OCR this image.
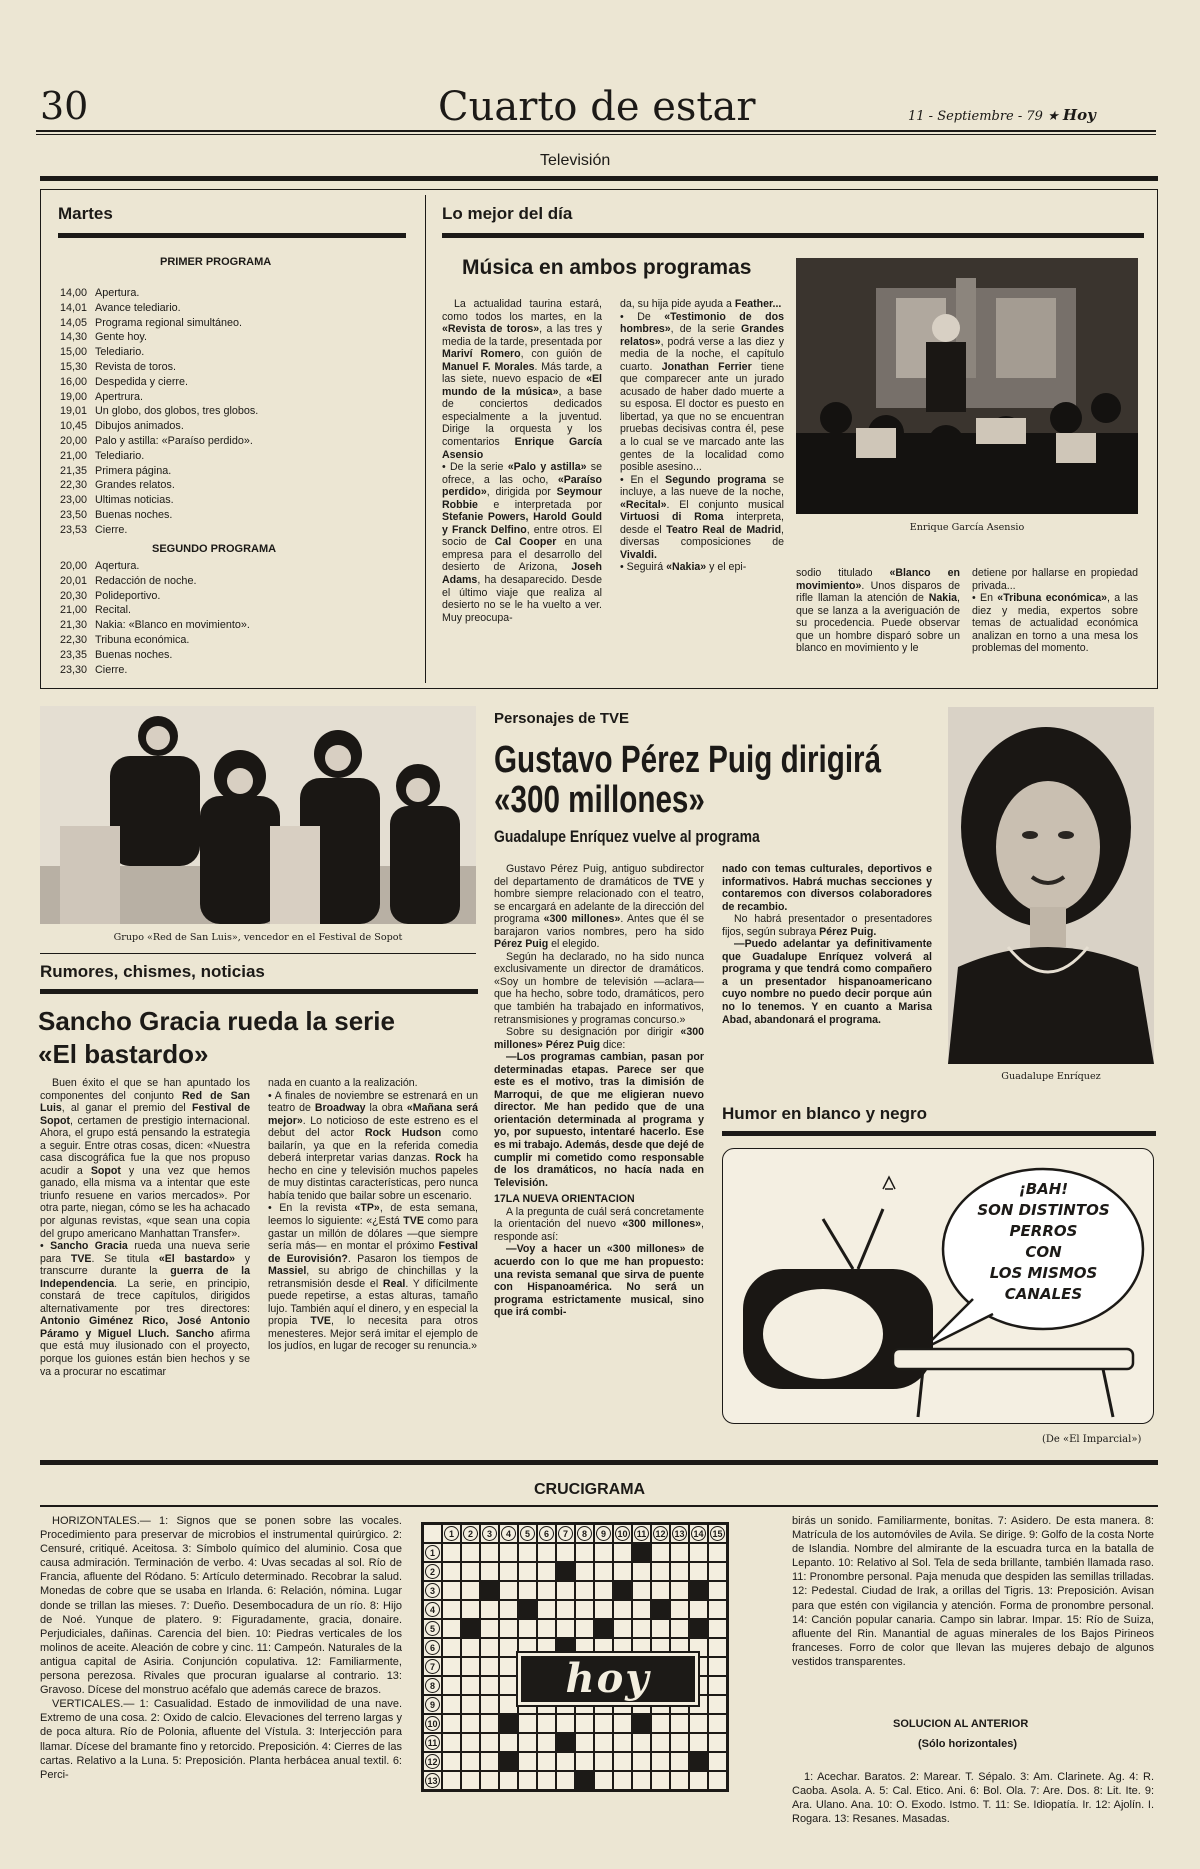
30	Cuarto de estar	11 - Septiembre - 79 ★ Hoy
Televisión
Martes
PRIMER PROGRAMA
14,00 Apertura.
14,01 Avance telediario.
14,05 Programa regional simultáneo.
14,30 Gente hoy.
15,00 Telediario.
15,30 Revista de toros.
16,00 Despedida y cierre.
19,00 Apertrura.
19,01 Un globo, dos globos, tres globos.
10,45 Dibujos animados.
20,00 Palo y astilla: «Paraíso perdido».
21,00 Telediario.
21,35 Primera página.
22,30 Grandes relatos.
23,00 Ultimas noticias.
23,50 Buenas noches.
23,53 Cierre.
SEGUNDO PROGRAMA
20,00 Aqertura.
20,01 Redacción de noche.
20,30 Polideportivo.
21,00 Recital.
21,30 Nakia: «Blanco en movimiento».
22,30 Tribuna económica.
23,35 Buenas noches.
23,30 Cierre.
Lo mejor del día
Música en ambos programas

La actualidad taurina estará, como todos los martes, en la «Revista de toros», a las tres y media de la tarde, presentada por Mariví Romero, con guión de Manuel F. Morales. Más tarde, a las siete, nuevo espacio de «El mundo de la música», a base de conciertos dedicados especialmente a la juventud. Dirige la orquesta y los comentarios Enrique García Asensio

• De la serie «Palo y astilla» se ofrece, a las ocho, «Paraíso perdido», dirigida por Seymour Robbie e interpretada por Stefanie Powers, Harold Gould y Franck Delfino, entre otros. El socio de Cal Cooper en una empresa para el desarrollo del desierto de Arizona, Joseh Adams, ha desaparecido. Desde el último viaje que realiza al desierto no se le ha vuelto a ver. Muy preocupa-

da, su hija pide ayuda a Feather...

• De «Testimonio de dos hombres», de la serie Grandes relatos», podrá verse a las diez y media de la noche, el capítulo cuarto. Jonathan Ferrier tiene que comparecer ante un jurado acusado de haber dado muerte a su esposa. El doctor es puesto en libertad, ya que no se encuentran pruebas decisivas contra él, pese a lo cual se ve marcado ante las gentes de la localidad como posible asesino...

• En el Segundo programa se incluye, a las nueve de la noche, «Recital». El conjunto musical Virtuosi di Roma interpreta, desde el Teatro Real de Madrid, diversas composiciones de Vivaldi.

• Seguirá «Nakia» y el epi-

Enrique García Asensio

sodio titulado «Blanco en movimiento». Unos disparos de rifle llaman la atención de Nakia, que se lanza a la averiguación de su procedencia. Puede observar que un hombre disparó sobre un blanco en movimiento y le

detiene por hallarse en propiedad privada...

• En «Tribuna económica», a las diez y media, expertos sobre temas de actualidad económica analizan en torno a una mesa los problemas del momento.

Grupo «Red de San Luis», vencedor en el Festival de Sopot
Rumores, chismes, noticias
Sancho Gracia rueda la serie
«El bastardo»

Buen éxito el que se han apuntado los componentes del conjunto Red de San Luis, al ganar el premio del Festival de Sopot, certamen de prestigio internacional. Ahora, el grupo está pensando la estrategia a seguir. Entre otras cosas, dicen: «Nuestra casa discográfica fue la que nos propuso acudir a Sopot y una vez que hemos ganado, ella misma va a intentar que este triunfo resuene en varios mercados». Por otra parte, niegan, cómo se les ha achacado por algunas revistas, «que sean una copia del grupo americano Manhattan Transfer».

• Sancho Gracia rueda una nueva serie para TVE. Se titula «El bastardo» y transcurre durante la guerra de la Independencia. La serie, en principio, constará de trece capítulos, dirigidos alternativamente por tres directores: Antonio Giménez Rico, José Antonio Páramo y Miguel Lluch. Sancho afirma que está muy ilusionado con el proyecto, porque los guiones están bien hechos y se va a procurar no escatimar

nada en cuanto a la realización.

• A finales de noviembre se estrenará en un teatro de Broadway la obra «Mañana será mejor». Lo noticioso de este estreno es el debut del actor Rock Hudson como bailarín, ya que en la referida comedia deberá interpretar varias danzas. Rock ha hecho en cine y televisión muchos papeles de muy distintas características, pero nunca había tenido que bailar sobre un escenario.

• En la revista «TP», de esta semana, leemos lo siguiente: «¿Está TVE como para gastar un millón de dólares —que siempre sería más— en montar el próximo Festival de Eurovisión?. Pasaron los tiempos de Massiel, su abrigo de chinchillas y la retransmisión desde el Real. Y difícilmente puede repetirse, a estas alturas, tamaño lujo. También aquí el dinero, y en especial la propia TVE, lo necesita para otros menesteres. Mejor será imitar el ejemplo de los judíos, en lugar de recoger su renuncia.»

Personajes de TVE
Gustavo Pérez Puig dirigirá
«300 millones»
Guadalupe Enríquez vuelve al programa

Gustavo Pérez Puig, antiguo subdirector del departamento de dramáticos de TVE y hombre siempre relacionado con el teatro, se encargará en adelante de la dirección del programa «300 millones». Antes que él se barajaron varios nombres, pero ha sido Pérez Puig el elegido.

Según ha declarado, no ha sido nunca exclusivamente un director de dramáticos. «Soy un hombre de televisión —aclara— que ha hecho, sobre todo, dramáticos, pero que también ha trabajado en informativos, retransmisiones y programas concurso.»

Sobre su designación por dirigir «300 millones» Pérez Puig dice:

—Los programas cambian, pasan por determinadas etapas. Parece ser que este es el motivo, tras la dimisión de Marroqui, de que me eligieran nuevo director. Me han pedido que de una orientación determinada al programa y yo, por supuesto, intentaré hacerlo. Ese es mi trabajo. Además, desde que dejé de cumplir mi cometido como responsable de los dramáticos, no hacía nada en Televisión.

17LA NUEVA ORIENTACION

A la pregunta de cuál será concretamente la orientación del nuevo «300 millones», responde así:

—Voy a hacer un «300 millones» de acuerdo con lo que me han propuesto: una revista semanal que sirva de puente con Hispanoamérica. No será un programa estrictamente musical, sino que irá combi-

nado con temas culturales, deportivos e informativos. Habrá muchas secciones y contaremos con diversos colaboradores de recambio.

No habrá presentador o presentadores fijos, según subraya Pérez Puig.

—Puedo adelantar ya definitivamente que Guadalupe Enríquez volverá al programa y que tendrá como compañero a un presentador hispanoamericano cuyo nombre no puedo decir porque aún no lo tenemos. Y en cuanto a Marisa Abad, abandonará el programa.

Guadalupe Enríquez
Humor en blanco y negro
¡BAH!
SON DISTINTOS
PERROS
CON
LOS MISMOS
CANALES
(De «El Imparcial»)
CRUCIGRAMA

HORIZONTALES.— 1: Signos que se ponen sobre las vocales. Procedimiento para preservar de microbios el instrumental quirúrgico. 2: Censuré, critiqué. Aceitosa. 3: Símbolo químico del aluminio. Cosa que causa admiración. Terminación de verbo. 4: Uvas secadas al sol. Río de Francia, afluente del Ródano. 5: Artículo determinado. Recobrar la salud. Monedas de cobre que se usaba en Irlanda. 6: Relación, nómina. Lugar donde se trillan las mieses. 7: Dueño. Desembocadura de un río. 8: Hijo de Noé. Yunque de platero. 9: Figuradamente, gracia, donaire. Perjudiciales, dañinas. Carencia del bien. 10: Piedras verticales de los molinos de aceite. Aleación de cobre y cinc. 11: Campeón. Naturales de la antigua capital de Asiria. Conjunción copulativa. 12: Familiarmente, persona perezosa. Rivales que procuran igualarse al contrario. 13: Gravoso. Dícese del monstruo acéfalo que además carece de brazos.

VERTICALES.— 1: Casualidad. Estado de inmovilidad de una nave. Extremo de una cosa. 2: Oxido de calcio. Elevaciones del terreno largas y de poca altura. Río de Polonia, afluente del Vístula. 3: Interjección para llamar. Dícese del bramante fino y retorcido. Preposición. 4: Cierres de las cartas. Relativo a la Luna. 5: Preposición. Planta herbácea anual textil. 6: Perci-

1	2	3	4	5	6	7	8	9	10	11	12 13 14 15
1
2
3
4
5
6
7
8
9
10
11
12
13
hoy

birás un sonido. Familiarmente, bonitas. 7: Asidero. De esta manera. 8: Matrícula de los automóviles de Avila. Se dirige. 9: Golfo de la costa Norte de Islandia. Nombre del almirante de la escuadra turca en la batalla de Lepanto. 10: Relativo al Sol. Tela de seda brillante, también llamada raso. 11: Pronombre personal. Paja menuda que despiden las semillas trilladas. 12: Pedestal. Ciudad de Irak, a orillas del Tigris. 13: Preposición. Avisan para que estén con vigilancia y atención. Forma de pronombre personal. 14: Canción popular canaria. Campo sin labrar. Impar. 15: Río de Suiza, afluente del Rin. Manantial de aguas minerales de los Bajos Pirineos franceses. Forro de color que llevan las mujeres debajo de algunos vestidos transparentes.

SOLUCION AL ANTERIOR
(Sólo horizontales)

1: Acechar. Baratos. 2: Marear. T. Sépalo. 3: Am. Clarinete. Ag. 4: R. Caoba. Asola. A. 5: Cal. Etico. Ani. 6: Bol. Ola. 7: Are. Dos. 8: Lit. Ite. 9: Ara. Ulano. Ana. 10: O. Exodo. Istmo. T. 11: Se. Idiopatía. Ir. 12: Ajolín. I. Rogara. 13: Resanes. Masadas.
